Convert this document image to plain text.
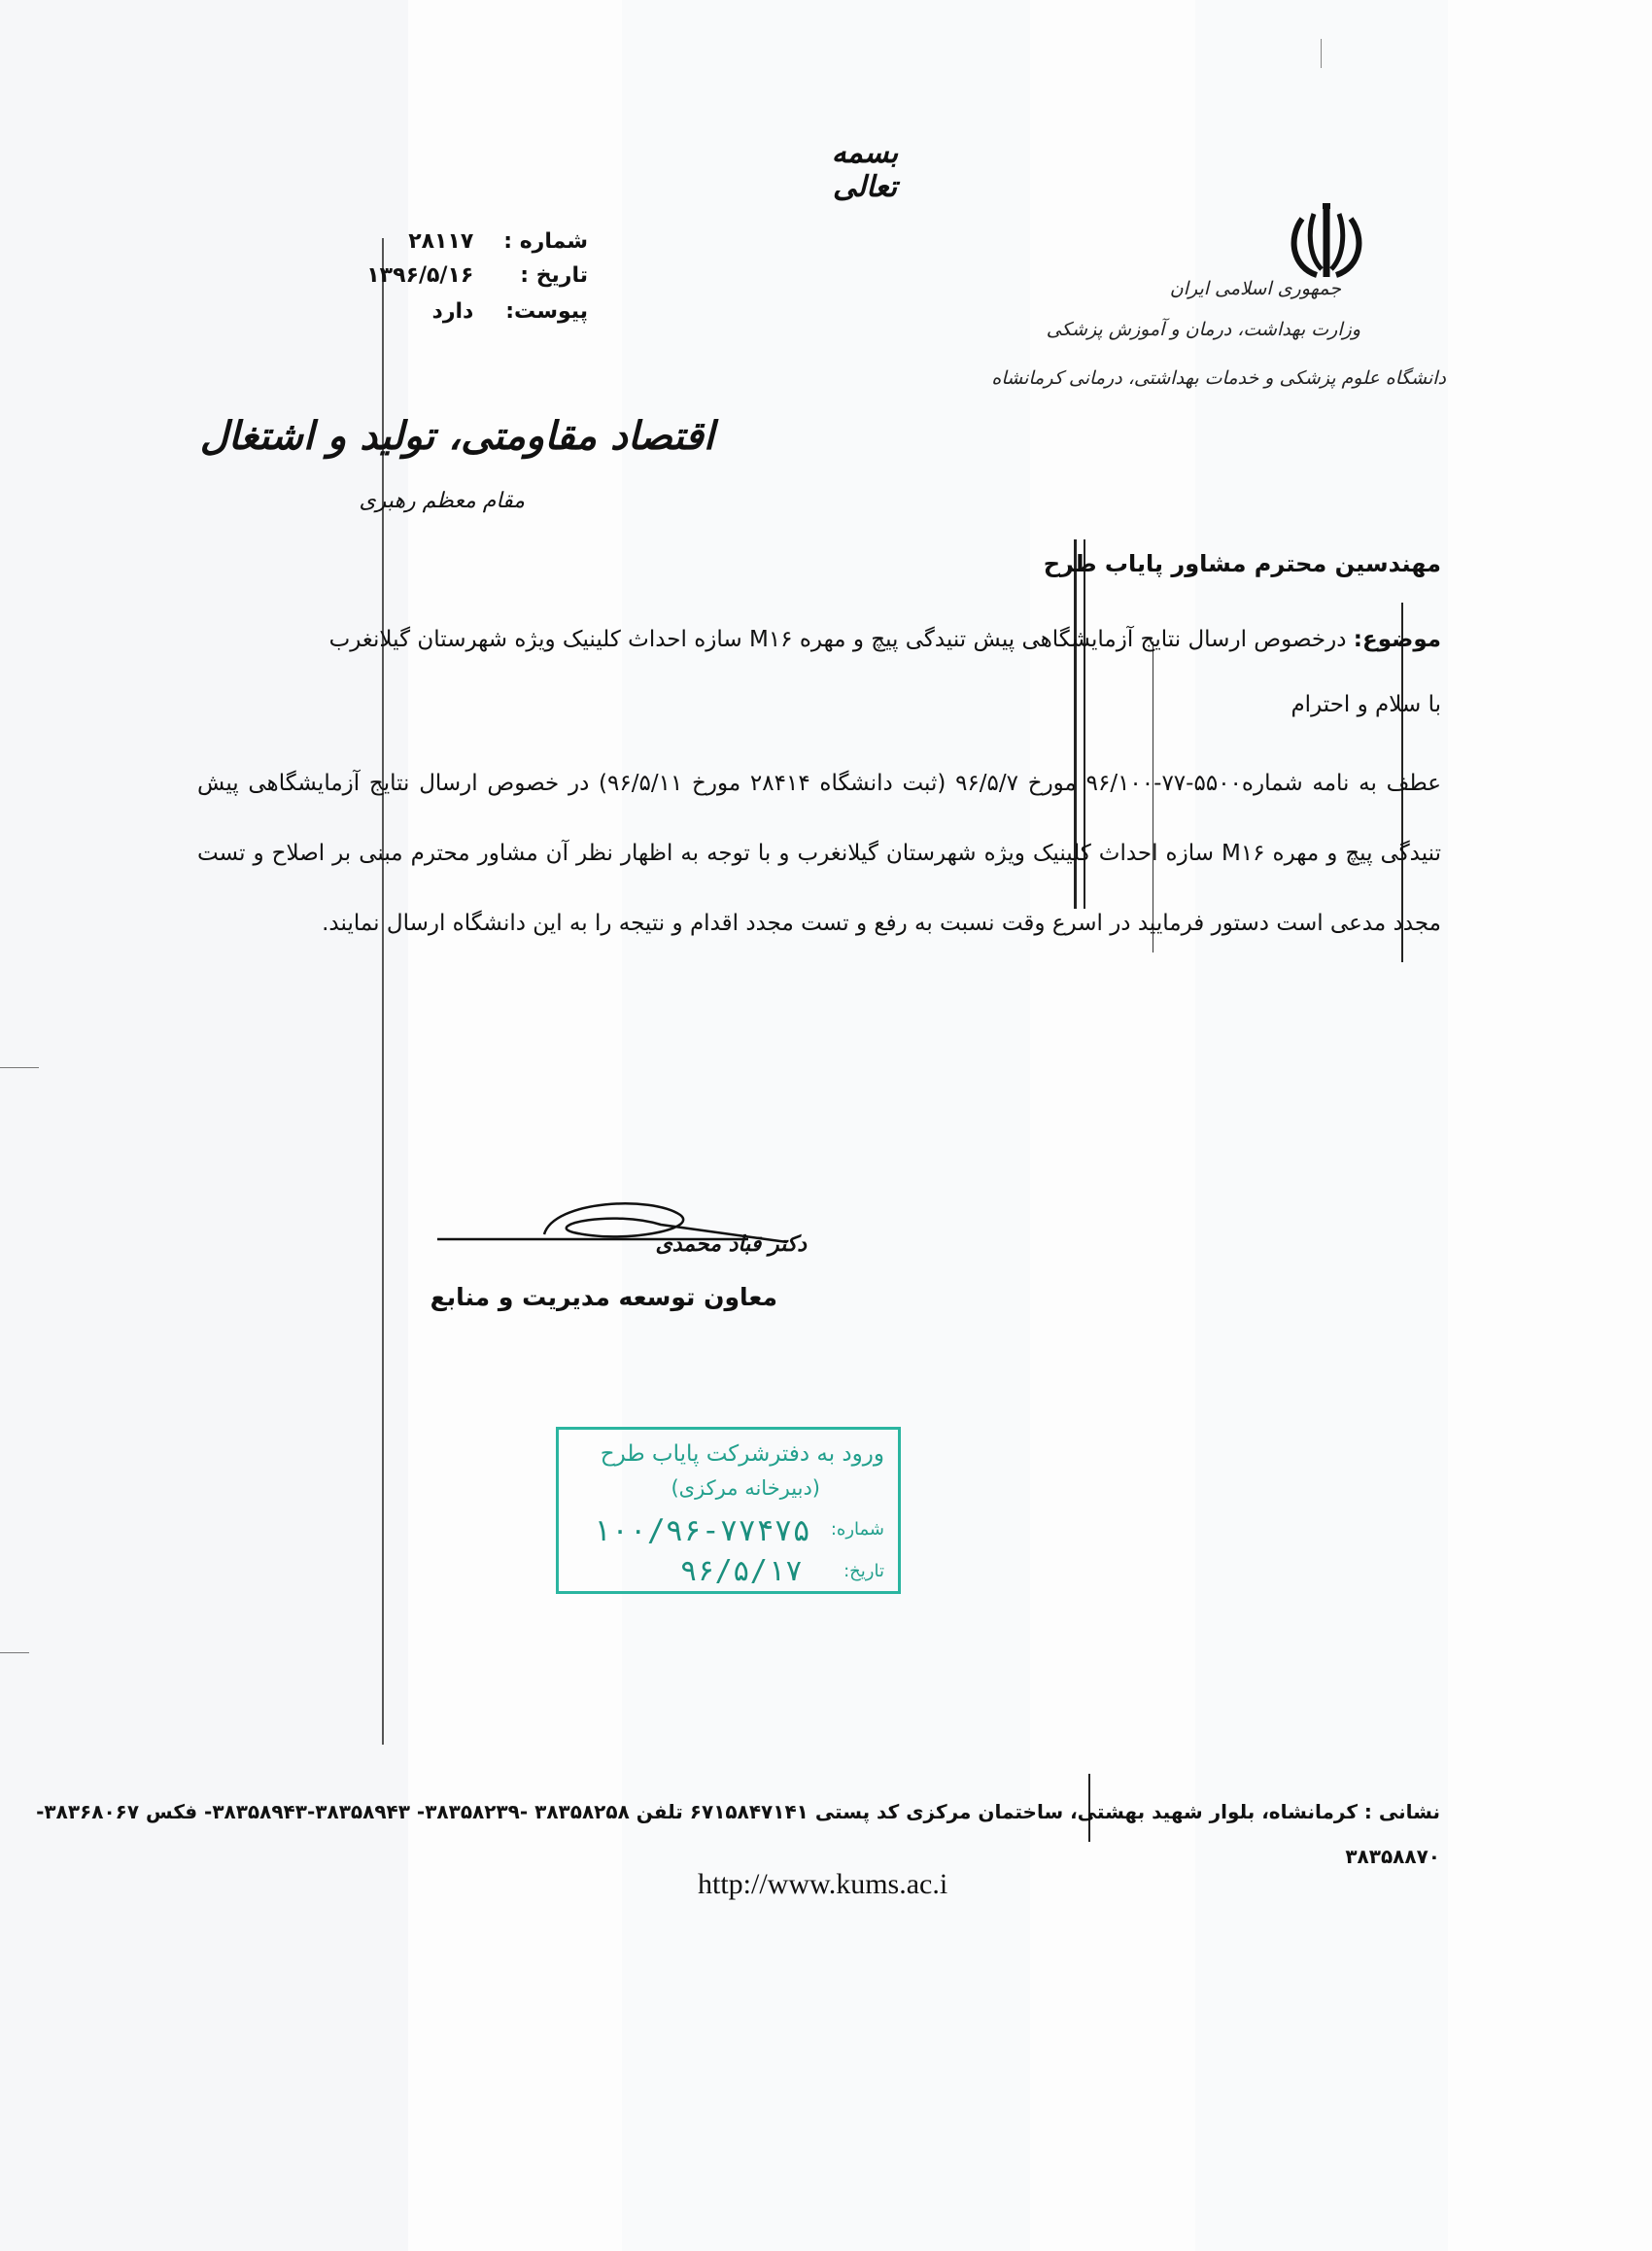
بسمه تعالی
جمهوری اسلامی ایران
وزارت بهداشت، درمان و آموزش پزشکی
دانشگاه علوم پزشکی و خدمات بهداشتی، درمانی کرمانشاه
شماره : ۲۸۱۱۷
تاریخ : ۱۳۹۶/۵/۱۶
پیوست: دارد
اقتصاد مقاومتی، تولید و اشتغال
مقام معظم رهبری
مهندسین محترم مشاور پایاب طرح
موضوع: درخصوص ارسال نتایج آزمایشگاهی پیش تنیدگی پیچ و مهره M۱۶ سازه احداث کلینیک ویژه شهرستان گیلانغرب
با سلام و احترام
عطف به نامه شماره۵۵۰۰-۷۷-۹۶/۱۰۰ مورخ ۹۶/۵/۷ (ثبت دانشگاه ۲۸۴۱۴ مورخ ۹۶/۵/۱۱) در خصوص ارسال نتایج آزمایشگاهی پیش تنیدگی پیچ و مهره M۱۶ سازه احداث کلینیک ویژه شهرستان گیلانغرب و با توجه به اظهار نظر آن مشاور محترم مبنی بر اصلاح و تست مجدد مدعی است دستور فرمایید در اسرع وقت نسبت به رفع و تست مجدد اقدام و نتیجه را به این دانشگاه ارسال نمایند.
دکتر قباد محمدی
معاون توسعه مدیریت و منابع
ورود به دفترشرکت پایاب طرح
(دبیرخانه مرکزی)
شماره:
۱۰۰/۹۶-۷۷۴۷۵
تاریخ:
۹۶/۵/۱۷
نشانی : کرمانشاه، بلوار شهید بهشتی، ساختمان مرکزی کد پستی ۶۷۱۵۸۴۷۱۴۱ تلفن ۳۸۳۵۸۲۵۸ -۳۸۳۵۸۲۳۹- ۳۸۳۵۸۹۴۳-۳۸۳۵۸۹۴۳- فکس ۳۸۳۶۸۰۶۷-
۳۸۳۵۸۸۷۰
http://www.kums.ac.i
